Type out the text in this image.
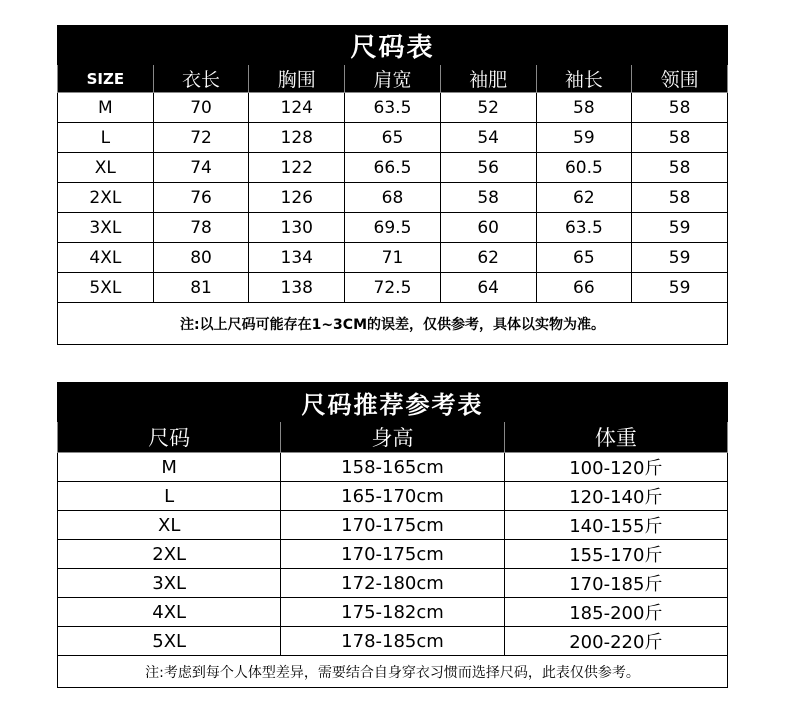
尺码表						
SIZE	衣长	胸围	肩宽	袖肥	袖长	领围
M	70	124	63.5	52	58	58
L	72	128	65	54	59	58
XL	74	122	66.5	56	60.5	58
2XL	76	126	68	58	62	58
3XL	78	130	69.5	60	63.5	59
4XL	80	134	71	62	65	59
5XL	81	138	72.5	64	66	59
注:以上尺码可能存在1~3CM的误差，仅供参考，具体以实物为准。						
尺码推荐参考表		
尺码	身高	体重
M	158-165cm	100-120斤
L	165-170cm	120-140斤
XL	170-175cm	140-155斤
2XL	170-175cm	155-170斤
3XL	172-180cm	170-185斤
4XL	175-182cm	185-200斤
5XL	178-185cm	200-220斤
注:考虑到每个人体型差异，需要结合自身穿衣习惯而选择尺码，此表仅供参考。		
